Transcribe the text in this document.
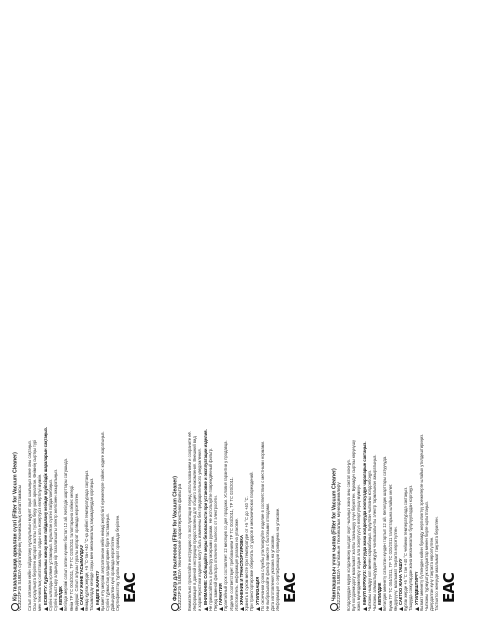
Кір тазалағышқа арналған сүзгі (Filter for Vacuum Cleaner) VL3222P15 SUB2A сүзгілерінің техникалық сипаттамасы Сатып алғаннан кейін пайдалану нұсқаулығын мұқият оқып шығыңыз және оны сақтаңыз. Осы нұсқаулықта берілген ақпарат жалпы түсінік беру үшін арналған. Өнімнің сыртқы түрі мен техникалық сипаттамалары алдын ала ескертусіз өзгертілуі мүмкін. ЕСКЕРТУ: Құрылғыны жинау және пайдалану кезінде қауіпсіздік шараларын сақтаңыз. Сүзгіні ылғалды қолмен ұстамаңыз. Бұзылған сүзгіні пайдаланбаңыз. Сүзгіні ауыстыру алдында кір тазалағышты электр желісінен ажыратыңыз. КЕПІЛДІК Кепілдік мерзімі сатып алған күннен бастап 12 ай. Кепілдік шарттары сатушыда. Өнім ТР ТС 004/2011, ТР ТС 020/2011 талаптарына сәйкес келеді. Өндіруші: Сатып алушы туралы ақпарат орамада көрсетілген. САҚТАУ ЖӘНЕ ТАСЫМАЛДАУ Өнімді құрғақ жерде, +5 °C-тан +40 °C-қа дейінгі температурада сақтаңыз. Тасымалдау кезінде соққы мен механикалық зақымданудан қорғаңыз. КӘДЕГЕ ЖАРАТУ Қызмет ету мерзімі аяқталғаннан кейін өнімді жергілікті ережелерге сәйкес кәдеге жаратыңыз. Сүзгіні тұрмыстық қалдықтармен бірге тастамаңыз. Дайындалған күні орамада көрсетілген. Сертификаттау туралы ақпарат орамада берілген. EAC	Фильтр для пылесоса (Filter for Vacuum Cleaner) VL3222P15 SUB2A технические характеристики фильтра Внимательно прочитайте инструкцию по эксплуатации перед использованием и сохраните её. Информация в данной инструкции предоставлена для общего ознакомления. Внешний вид и характеристики изделия могут быть изменены без предварительного уведомления. ВНИМАНИЕ: Соблюдайте меры безопасности при установке и эксплуатации изделия. Не прикасайтесь к фильтру мокрыми руками. Не используйте повреждённый фильтр. Перед заменой фильтра отключите пылесос от электросети. ГАРАНТИЯ Гарантийный срок составляет 12 месяцев со дня продажи. Условия гарантии у продавца. Изделие соответствует требованиям ТР ТС 004/2011, ТР ТС 020/2011. Изготовитель: информация указана на упаковке. ХРАНЕНИЕ И ТРАНСПОРТИРОВКА Хранить в сухом месте при температуре от +5 °C до +40 °C. При транспортировке оберегать от ударов и механических повреждений. УТИЛИЗАЦИЯ По окончании срока службы утилизируйте изделие в соответствии с местными нормами. Не выбрасывайте фильтр вместе с бытовыми отходами. Дата изготовления указана на упаковке. Информация о сертификации приведена на упаковке. EAC	Чангкашагыч үчүн чыпка (Filter for Vacuum Cleaner) VL3222P15 SUB2A чыпканын техникалык мүнөздөмөлөрү Колдонуудан мурун колдонмону кылдат окуп чыгыңыз жана аны сактап коюңуз. Бул колдонмодогу маалымат жалпы таанышуу үчүн берилген. Буюмдун сырткы көрүнүшү жана мүнөздөмөлөрү алдын ала эскертүүсүз өзгөртүлүшү мүмкүн. КӨҢҮЛ БУРУҢУЗ: Орнотууда жана колдонууда коопсуздук чараларын сактаңыз. Чыпканы нымдуу кол менен кармабаңыз. Бузулган чыпканы колдонбоңуз. Чыпканы алмаштыруудан мурун чангкашагычты электр тармагынан ажыратыңыз. КЕПИЛДИК Кепилдик мөөнөтү сатылган күндөн тартып 12 ай. Кепилдик шарттары сатуучуда. Буюм ТР ТС 004/2011, ТР ТС 020/2011 талаптарына ылайык келет. Өндүрүүчү: маалымат таңгакта көрсөтүлгөн. САКТОО ЖАНА ТАШУУ Кургак жерде +5 °C тан +40 °C чейинки температурада сактаңыз. Ташууда соккулардан жана механикалык бузулуулардан коргоңуз. УТИЛДЕШТИРҮҮ Кызмат мөөнөтү бүткөндөн кийин буюмду жергиликтүү эрежелерге ылайык утилдештириңиз. Чыпканы турмуштук калдыктар менен бирге ыргытпаңыз. Даярдалган күнү таңгакта көрсөтүлгөн. Тастыктоо жөнүндө маалымат таңгакта берилген. EAC
